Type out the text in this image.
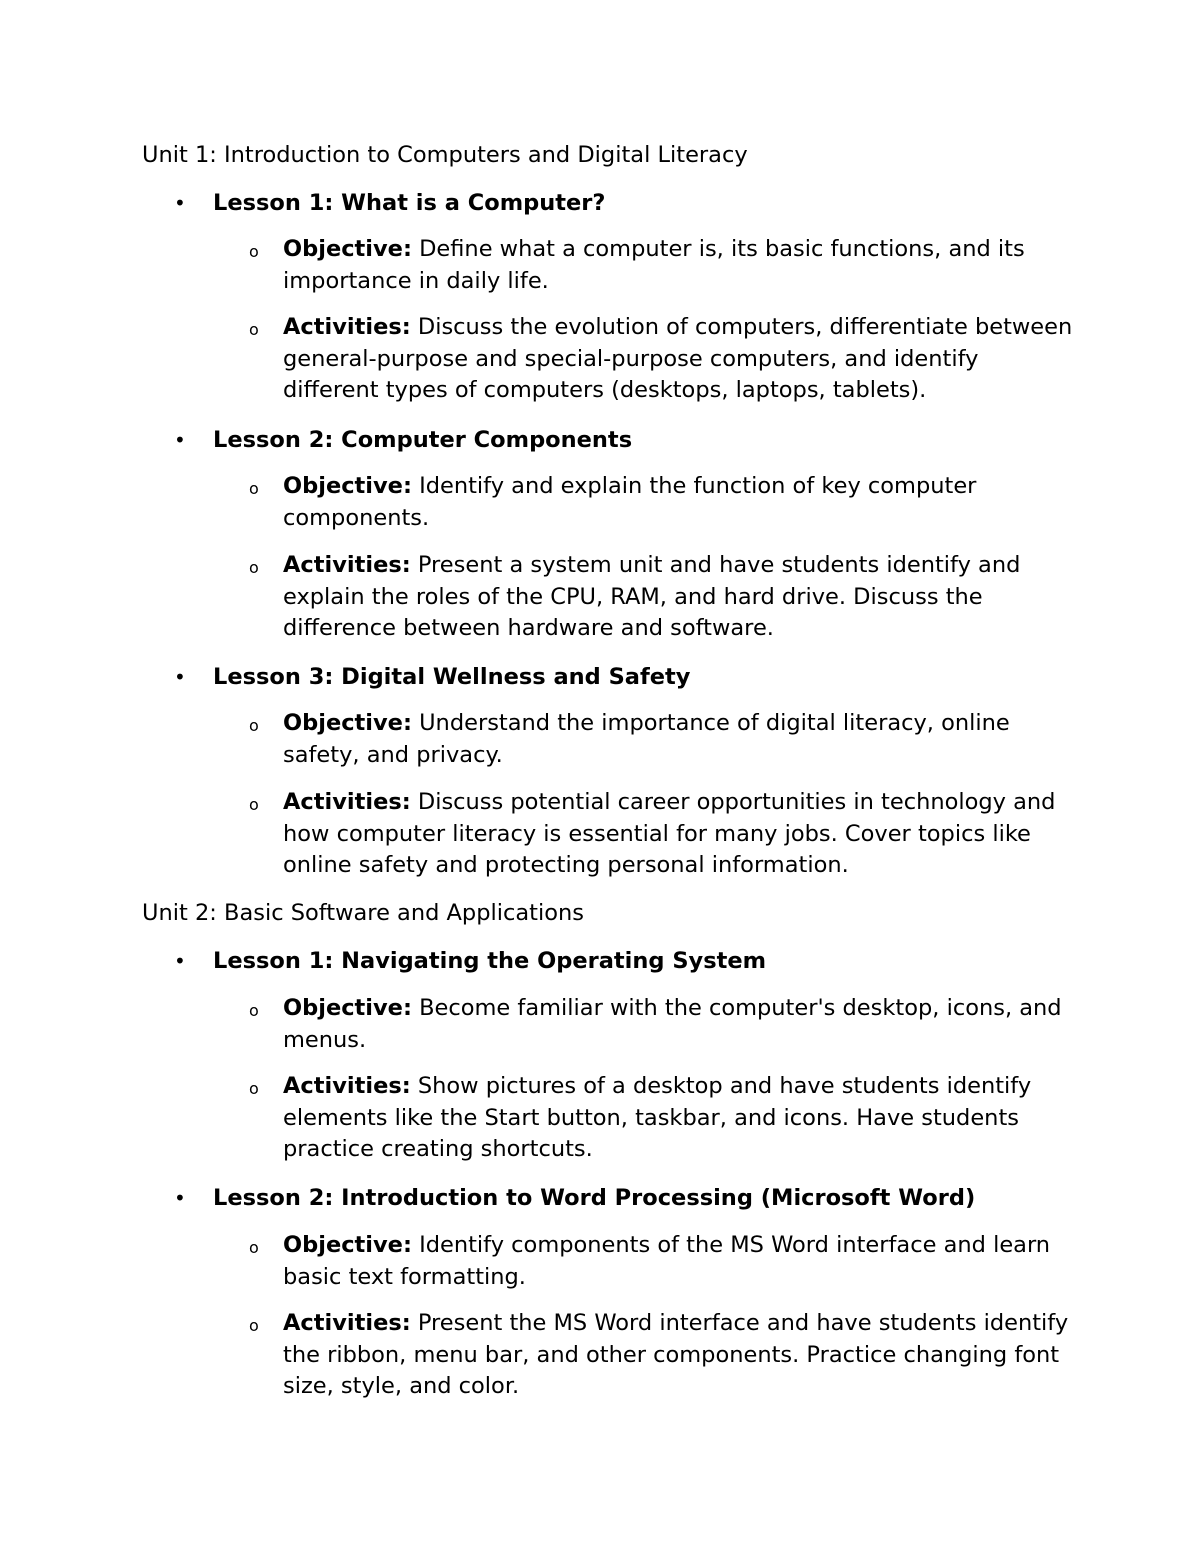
Unit 1: Introduction to Computers and Digital Literacy
• Lesson 1: What is a Computer?
o Objective: Define what a computer is, its basic functions, and its importance in daily life.
o Activities: Discuss the evolution of computers, differentiate between general-purpose and special-purpose computers, and identify different types of computers (desktops, laptops, tablets).
• Lesson 2: Computer Components
o Objective: Identify and explain the function of key computer components.
o Activities: Present a system unit and have students identify and explain the roles of the CPU, RAM, and hard drive. Discuss the difference between hardware and software.
• Lesson 3: Digital Wellness and Safety
o Objective: Understand the importance of digital literacy, online safety, and privacy.
o Activities: Discuss potential career opportunities in technology and how computer literacy is essential for many jobs. Cover topics like online safety and protecting personal information.
Unit 2: Basic Software and Applications
• Lesson 1: Navigating the Operating System
o Objective: Become familiar with the computer's desktop, icons, and menus.
o Activities: Show pictures of a desktop and have students identify elements like the Start button, taskbar, and icons. Have students practice creating shortcuts.
• Lesson 2: Introduction to Word Processing (Microsoft Word)
o Objective: Identify components of the MS Word interface and learn basic text formatting.
o Activities: Present the MS Word interface and have students identify the ribbon, menu bar, and other components. Practice changing font size, style, and color.
